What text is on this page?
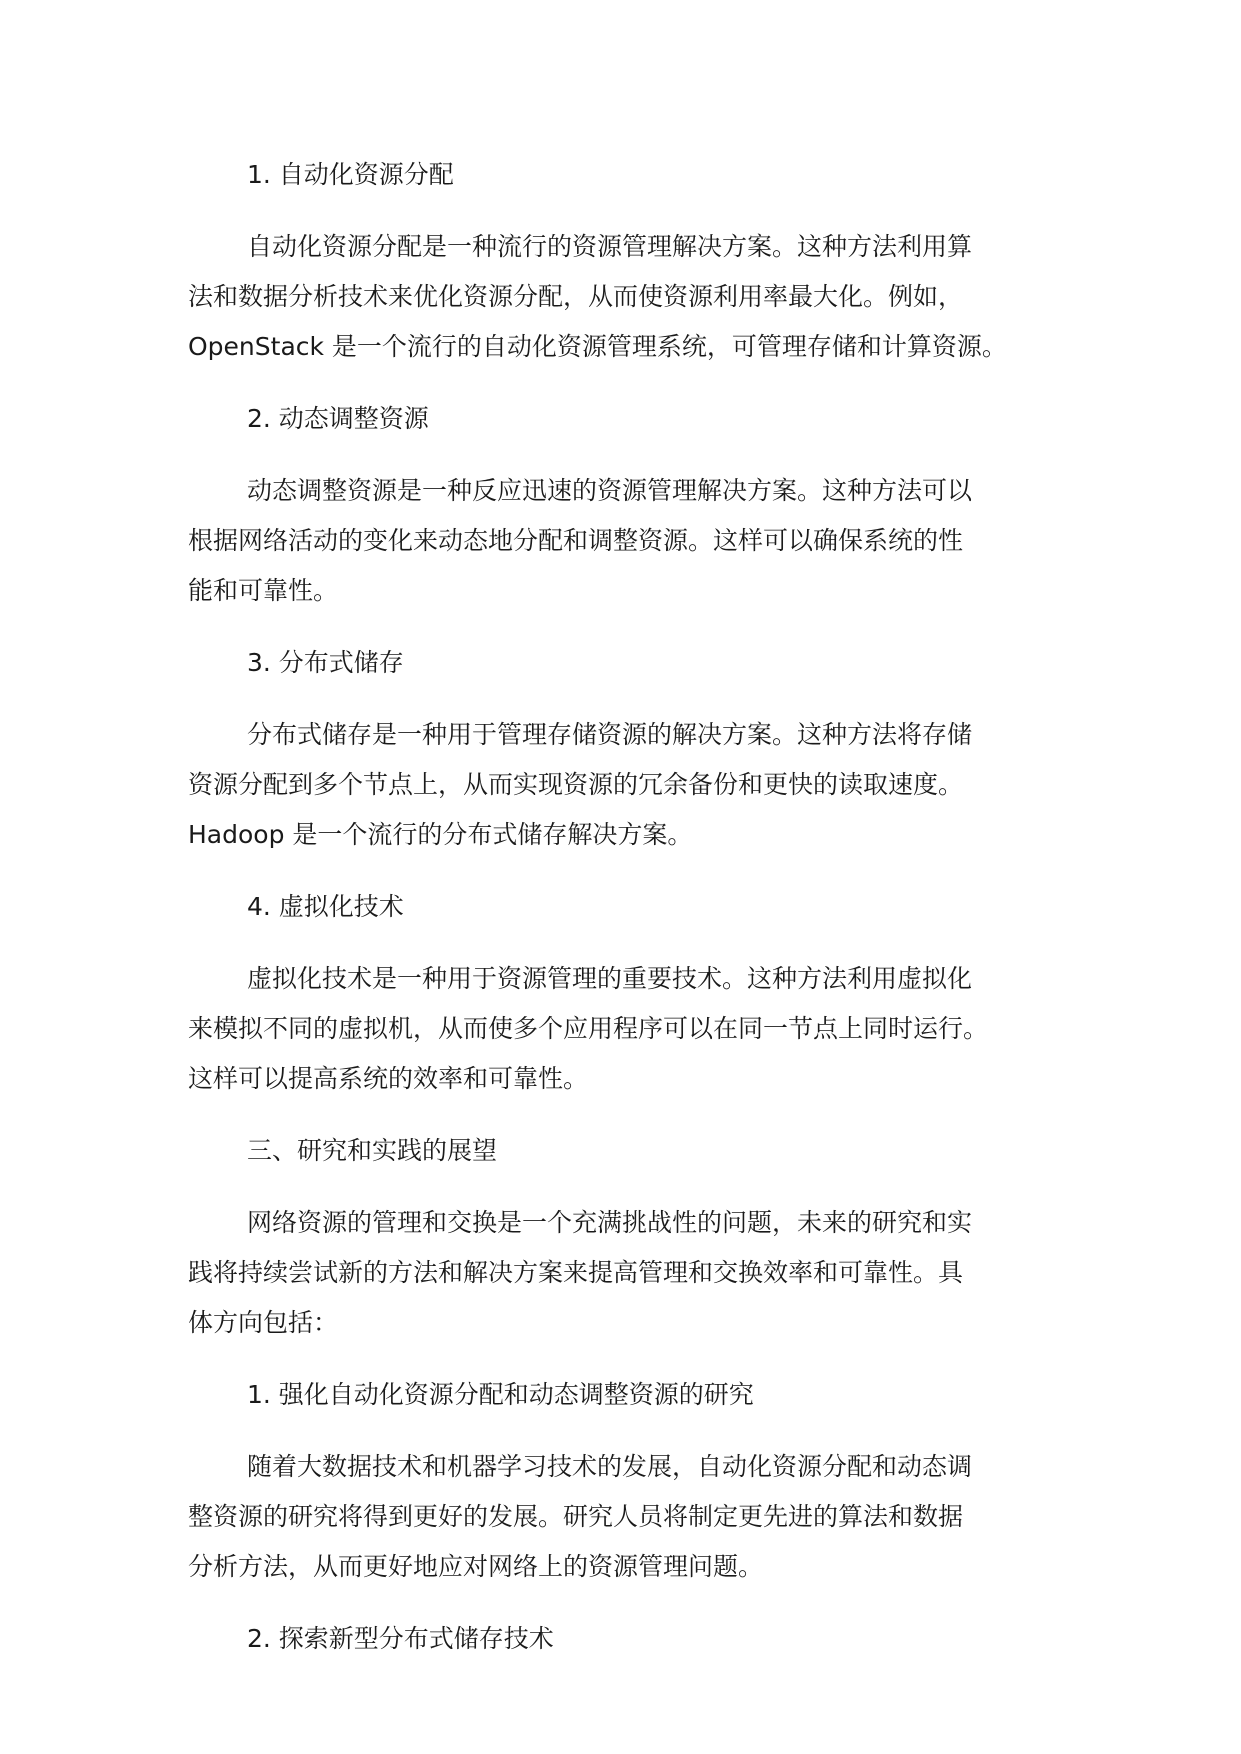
1. 自动化资源分配

自动化资源分配是一种流行的资源管理解决方案。这种方法利用算
法和数据分析技术来优化资源分配，从而使资源利用率最大化。例如，
OpenStack 是一个流行的自动化资源管理系统，可管理存储和计算资源。

2. 动态调整资源

动态调整资源是一种反应迅速的资源管理解决方案。这种方法可以
根据网络活动的变化来动态地分配和调整资源。这样可以确保系统的性
能和可靠性。

3. 分布式储存

分布式储存是一种用于管理存储资源的解决方案。这种方法将存储
资源分配到多个节点上，从而实现资源的冗余备份和更快的读取速度。
Hadoop 是一个流行的分布式储存解决方案。

4. 虚拟化技术

虚拟化技术是一种用于资源管理的重要技术。这种方法利用虚拟化
来模拟不同的虚拟机，从而使多个应用程序可以在同一节点上同时运行。
这样可以提高系统的效率和可靠性。

三、研究和实践的展望

网络资源的管理和交换是一个充满挑战性的问题，未来的研究和实
践将持续尝试新的方法和解决方案来提高管理和交换效率和可靠性。具
体方向包括：

1. 强化自动化资源分配和动态调整资源的研究

随着大数据技术和机器学习技术的发展，自动化资源分配和动态调
整资源的研究将得到更好的发展。研究人员将制定更先进的算法和数据
分析方法，从而更好地应对网络上的资源管理问题。

2. 探索新型分布式储存技术
